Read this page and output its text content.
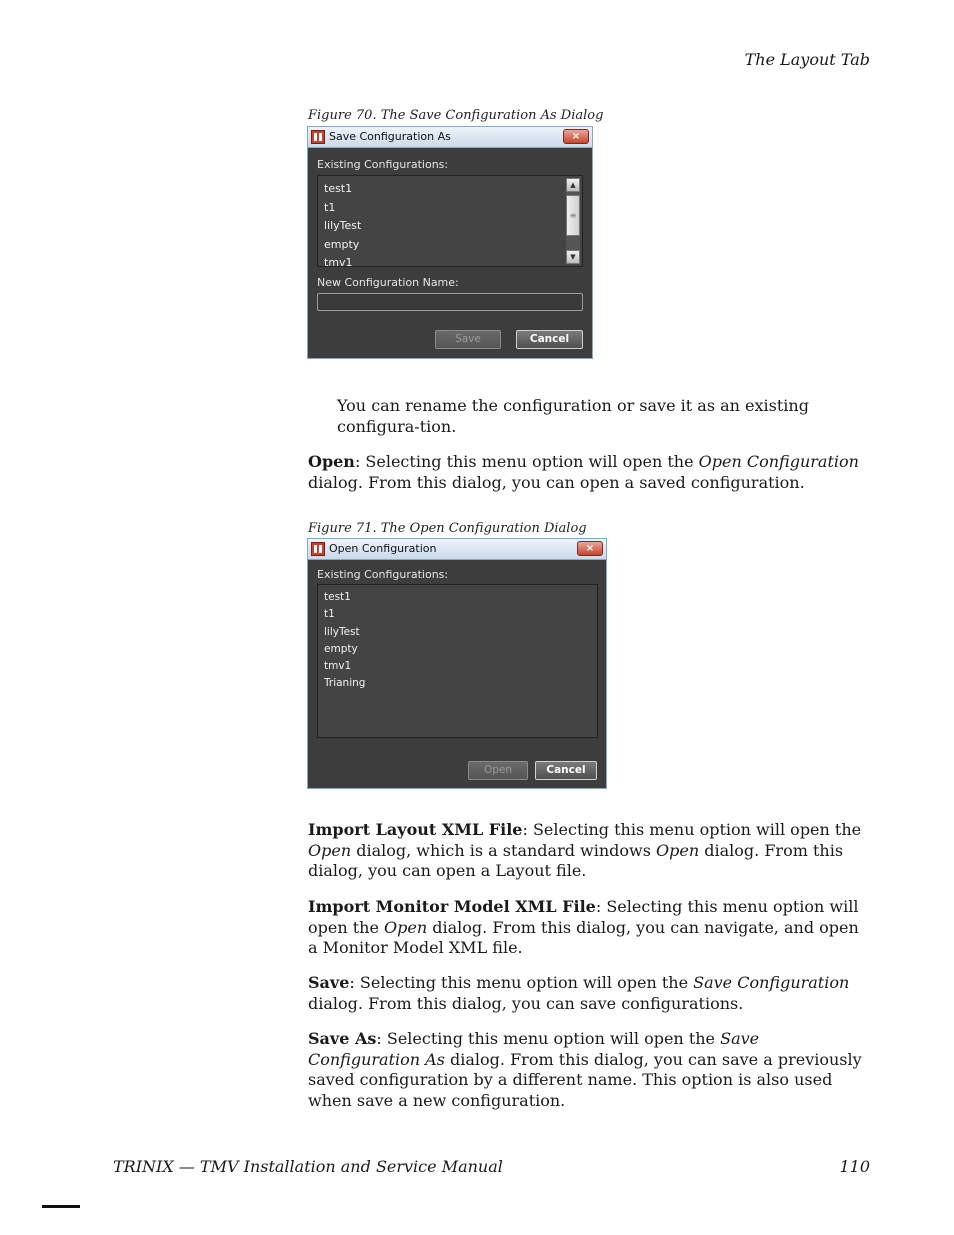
The Layout Tab
Figure 70. The Save Configuration As Dialog
Save Configuration As	×
Existing Configurations:
test1
t1
lilyTest
empty
tmv1
▲
≡
▼
New Configuration Name:
Save	Cancel
You can rename the configuration or save it as an existing configura-tion.
Open: Selecting this menu option will open the Open Configuration dialog. From this dialog, you can open a saved configuration.
Figure 71. The Open Configuration Dialog
Open Configuration	×
Existing Configurations:
test1
t1
lilyTest
empty
tmv1
Trianing
Open	Cancel
Import Layout XML File: Selecting this menu option will open the Open dialog, which is a standard windows Open dialog. From this dialog, you can open a Layout file.
Import Monitor Model XML File: Selecting this menu option will open the Open dialog. From this dialog, you can navigate, and open a Monitor Model XML file.
Save: Selecting this menu option will open the Save Configuration dialog. From this dialog, you can save configurations.
Save As: Selecting this menu option will open the Save Configuration As dialog. From this dialog, you can save a previously saved configuration by a different name. This option is also used when save a new configuration.
TRINIX — TMV Installation and Service Manual	110
